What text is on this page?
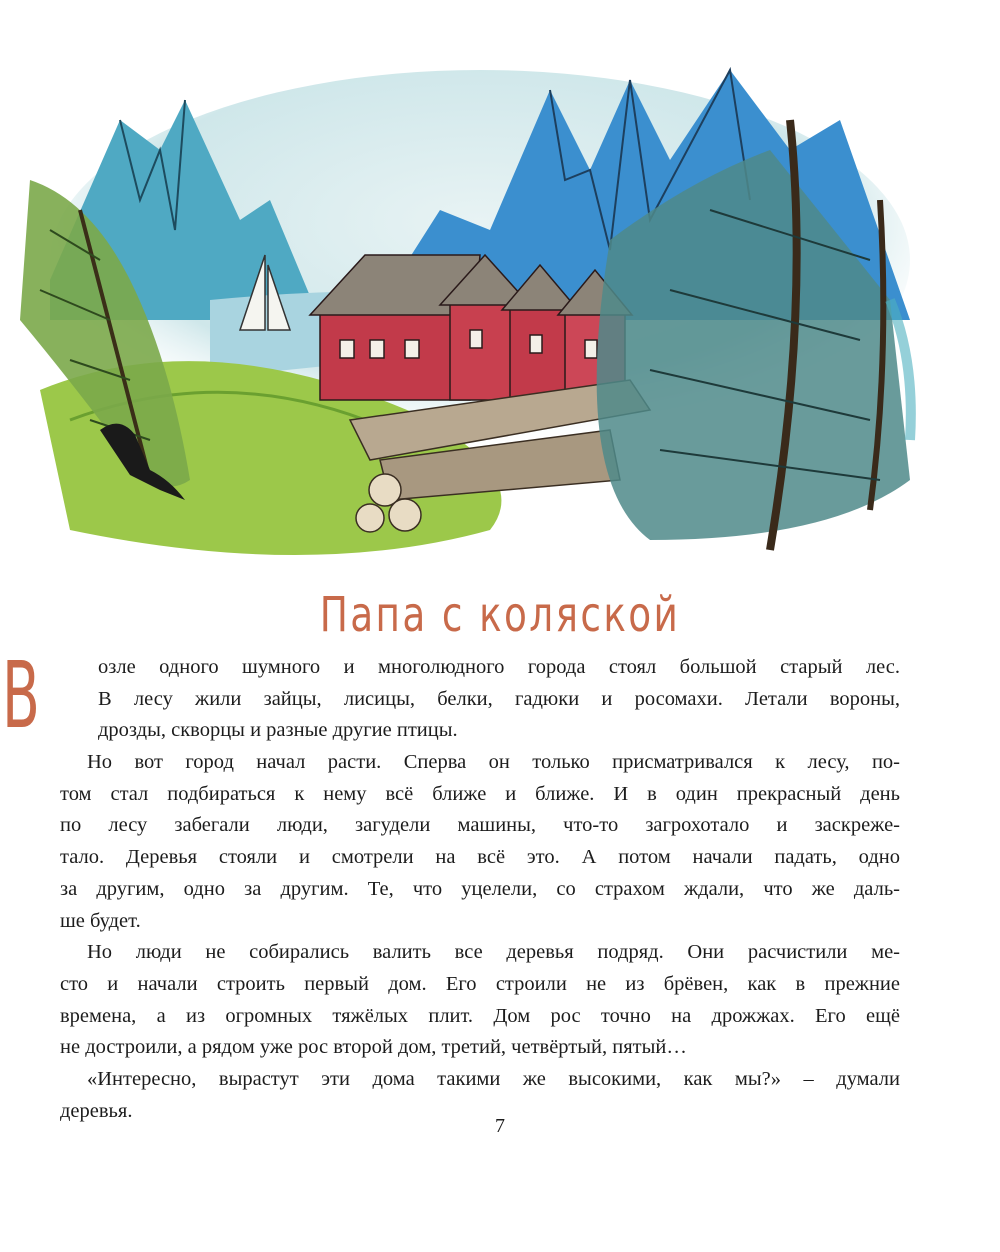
Папа с коляской
В	озле одного шумного и многолюдного города стоял большой старый лес.
В лесу жили зайцы, лисицы, белки, гадюки и росомахи. Летали вороны,
дрозды, скворцы и разные другие птицы.
Но вот город начал расти. Сперва он только присматривался к лесу, по-
том стал подбираться к нему всё ближе и ближе. И в один прекрасный день
по лесу забегали люди, загудели машины, что-то загрохотало и заскреже-
тало. Деревья стояли и смотрели на всё это. А потом начали падать, одно
за другим, одно за другим. Те, что уцелели, со страхом ждали, что же даль-
ше будет.
Но люди не собирались валить все деревья подряд. Они расчистили ме-
сто и начали строить первый дом. Его строили не из брёвен, как в прежние
времена, а из огромных тяжёлых плит. Дом рос точно на дрожжах. Его ещё
не достроили, а рядом уже рос второй дом, третий, четвёртый, пятый…
«Интересно, вырастут эти дома такими же высокими, как мы?» – думали
деревья.
7
